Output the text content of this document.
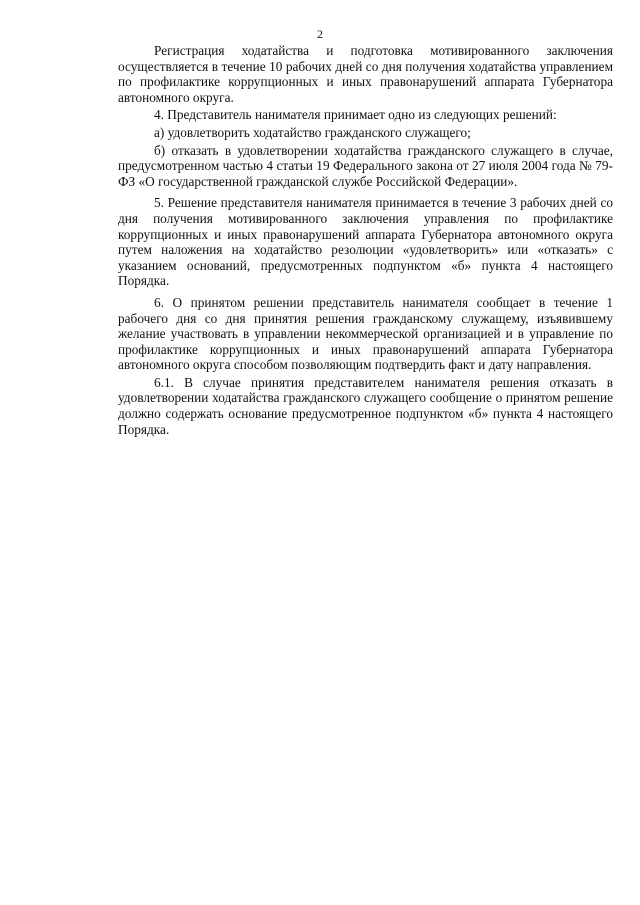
2

Регистрация ходатайства и подготовка мотивированного заключения осуществляется в течение 10 рабочих дней со дня получения ходатайства управлением по профилактике коррупционных и иных правонарушений аппарата Губернатора автономного округа.

4. Представитель нанимателя принимает одно из следующих решений:

а) удовлетворить ходатайство гражданского служащего;

б) отказать в удовлетворении ходатайства гражданского служащего в случае, предусмотренном частью 4 статьи 19 Федерального закона от 27 июля 2004 года № 79-ФЗ «О государственной гражданской службе Российской Федерации».

5. Решение представителя нанимателя принимается в течение 3 рабочих дней со дня получения мотивированного заключения управления по профилактике коррупционных и иных правонарушений аппарата Губернатора автономного округа путем наложения на ходатайство резолюции «удовлетворить» или «отказать» с указанием оснований, предусмотренных подпунктом «б» пункта 4 настоящего Порядка.

6. О принятом решении представитель нанимателя сообщает в течение 1 рабочего дня со дня принятия решения гражданскому служащему, изъявившему желание участвовать в управлении некоммерческой организацией и в управление по профилактике коррупционных и иных правонарушений аппарата Губернатора автономного округа способом позволяющим подтвердить факт и дату направления.

6.1. В случае принятия представителем нанимателя решения отказать в удовлетворении ходатайства гражданского служащего сообщение о принятом решение должно содержать основание предусмотренное подпунктом «б» пункта 4 настоящего Порядка.
